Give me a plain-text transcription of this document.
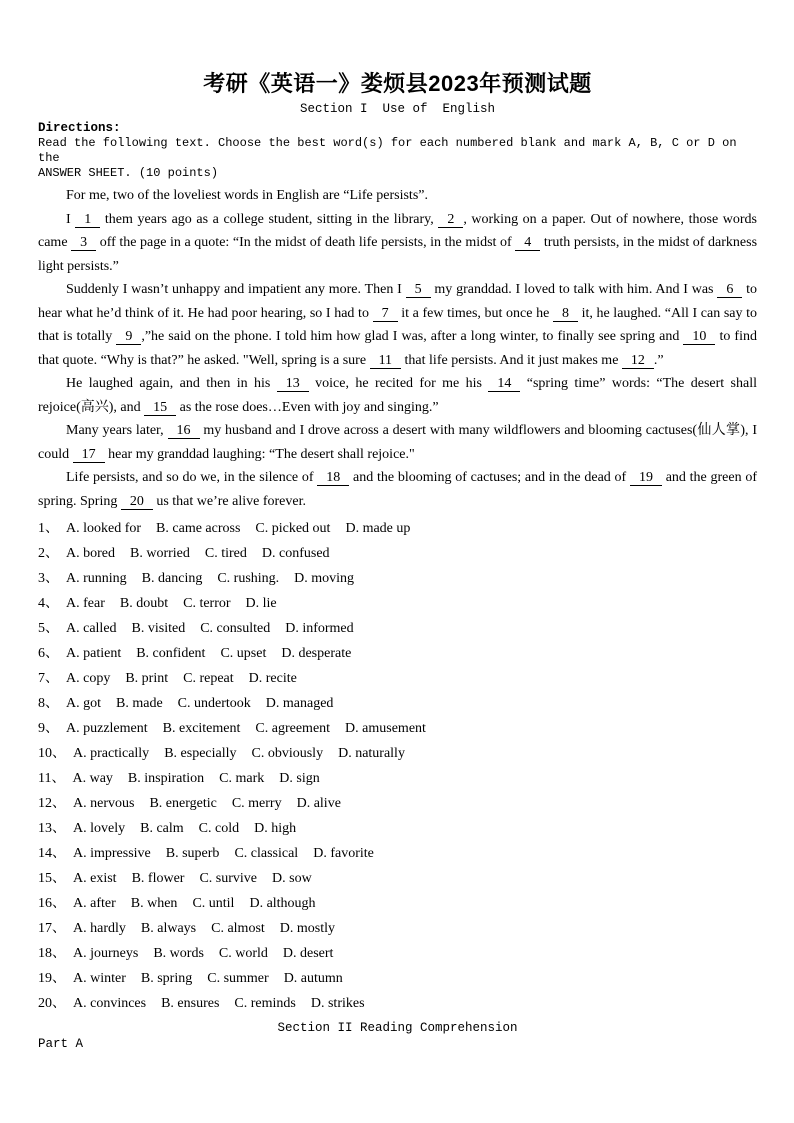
考研《英语一》娄烦县2023年预测试题
Section I  Use of  English
Directions:
Read the following text. Choose the best word(s) for each numbered blank and mark A, B, C or D on the
ANSWER SHEET. (10 points)

For me, two of the loveliest words in English are “Life persists”.

I 1 them years ago as a college student, sitting in the library, 2 , working on a paper. Out of nowhere, those words came 3 off the page in a quote: “In the midst of death life persists, in the midst of 4 truth persists, in the midst of darkness light persists.”

Suddenly I wasn’t unhappy and impatient any more. Then I 5 my granddad. I loved to talk with him. And I was 6 to hear what he’d think of it. He had poor hearing, so I had to 7 it a few times, but once he 8 it, he laughed. “All I can say to that is totally 9 ,”he said on the phone. I told him how glad I was, after a long winter, to finally see spring and 10 to find that quote. “Why is that?” he asked. "Well, spring is a sure 11 that life persists. And it just makes me 12 .”

He laughed again, and then in his 13 voice, he recited for me his 14 “spring time” words: “The desert shall rejoice(高兴), and 15 as the rose does…Even with joy and singing.”

Many years later, 16 my husband and I drove across a desert with many wildflowers and blooming cactuses(仙人掌), I could 17 hear my granddad laughing: “The desert shall rejoice."

Life persists, and so do we, in the silence of 18 and the blooming of cactuses; and in the dead of 19 and the green of spring. Spring 20 us that we’re alive forever.

1、 A. looked for B. came across C. picked out D. made up
2、 A. bored B. worried C. tired D. confused
3、 A. running B. dancing C. rushing. D. moving
4、 A. fear B. doubt C. terror D. lie
5、 A. called B. visited C. consulted D. informed
6、 A. patient B. confident C. upset D. desperate
7、 A. copy B. print C. repeat D. recite
8、 A. got B. made C. undertook D. managed
9、 A. puzzlement B. excitement C. agreement D. amusement
10、 A. practically B. especially C. obviously D. naturally
11、 A. way B. inspiration C. mark D. sign
12、 A. nervous B. energetic C. merry D. alive
13、 A. lovely B. calm C. cold D. high
14、 A. impressive B. superb C. classical D. favorite
15、 A. exist B. flower C. survive D. sow
16、 A. after B. when C. until D. although
17、 A. hardly B. always C. almost D. mostly
18、 A. journeys B. words C. world D. desert
19、 A. winter B. spring C. summer D. autumn
20、 A. convinces B. ensures C. reminds D. strikes
Section II Reading Comprehension
Part A
